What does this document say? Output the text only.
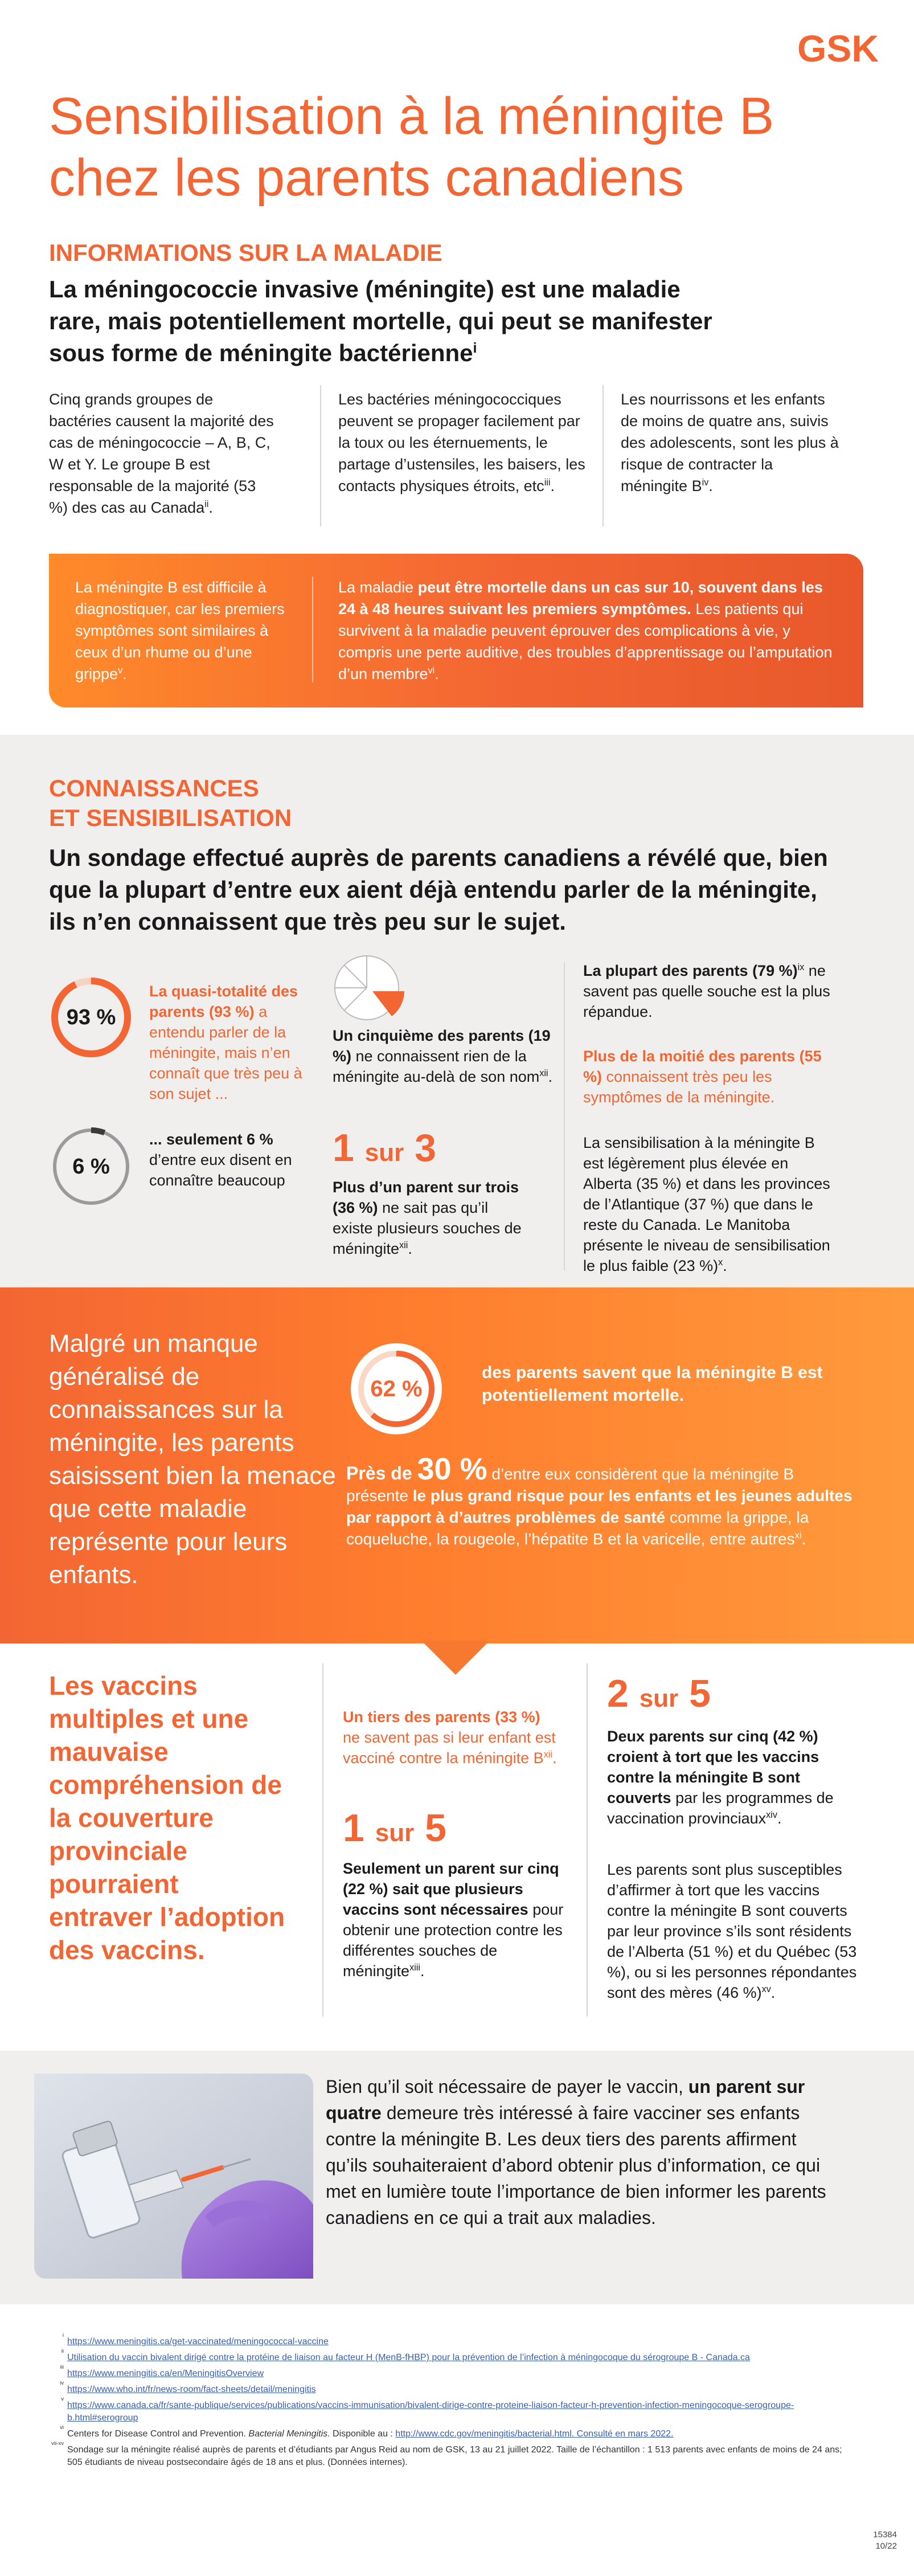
GSK
Sensibilisation à la méningite B
chez les parents canadiens
INFORMATIONS SUR LA MALADIE
La méningococcie invasive (méningite) est une maladie rare, mais potentiellement mortelle, qui peut se manifester sous forme de méningite bactérienne$^i$
Cinq grands groupes de bactéries causent la majorité des cas de méningococcie – A, B, C, W et Y. Le groupe B est responsable de la majorité (53 %) des cas au Canada$^{ii}$.
Les bactéries méningococciques peuvent se propager facilement par la toux ou les éternuements, le partage d’ustensiles, les baisers, les contacts physiques étroits, etc$^{iii}$.
Les nourrissons et les enfants de moins de quatre ans, suivis des adolescents, sont les plus à risque de contracter la méningite $B^{iv}$.
La méningite B est difficile à diagnostiquer, car les premiers symptômes sont similaires à ceux d’un rhume ou d’une grippe$^v$.
La maladie peut être mortelle dans un cas sur 10, souvent dans les 24 à 48 heures suivant les premiers symptômes. Les patients qui survivent à la maladie peuvent éprouver des complications à vie, y compris une perte auditive, des troubles d’apprentissage ou l’amputation d’un membre$^{vi}$.
CONNAISSANCES
ET SENSIBILISATION
Un sondage effectué auprès de parents canadiens a révélé que, bien que la plupart d’entre eux aient déjà entendu parler de la méningite, ils n’en connaissent que très peu sur le sujet.
93 %
La quasi-totalité des parents (93 %) a entendu parler de la méningite, mais n’en connaît que très peu à son sujet ...
6 %
... seulement 6 % d’entre eux disent en connaître beaucoup
Un cinquième des parents (19 %) ne connaissent rien de la méningite au-delà de son nom$^{xii}$.
1 sur 3
Plus d’un parent sur trois (36 %) ne sait pas qu’il existe plusieurs souches de méningite$^{xii}$.
La plupart des parents (79 %)$^{ix}$ ne savent pas quelle souche est la plus répandue.
Plus de la moitié des parents (55 %) connaissent très peu les symptômes de la méningite.
La sensibilisation à la méningite B est légèrement plus élevée en Alberta (35 %) et dans les provinces de l’Atlantique (37 %) que dans le reste du Canada. Le Manitoba présente le niveau de sensibilisation le plus faible (23 %)$^x$.
Malgré un manque généralisé de connaissances sur la méningite, les parents saisissent bien la menace que cette maladie représente pour leurs enfants.
62 %
des parents savent que la méningite B est potentiellement mortelle.
Près de 30 % d’entre eux considèrent que la méningite B présente le plus grand risque pour les enfants et les jeunes adultes par rapport à d’autres problèmes de santé comme la grippe, la coqueluche, la rougeole, l’hépatite B et la varicelle, entre autres$^{xi}$.
Les vaccins multiples et une mauvaise compréhension de la couverture provinciale pourraient entraver l’adoption des vaccins.
Un tiers des parents (33 %) ne savent pas si leur enfant est vacciné contre la méningite $B^{xii}$.
1 sur 5
Seulement un parent sur cinq (22 %) sait que plusieurs vaccins sont nécessaires pour obtenir une protection contre les différentes souches de méningite$^{xiii}$.
2 sur 5
Deux parents sur cinq (42 %) croient à tort que les vaccins contre la méningite B sont couverts par les programmes de vaccination provinciaux$^{xiv}$.
Les parents sont plus susceptibles d’affirmer à tort que les vaccins contre la méningite B sont couverts par leur province s’ils sont résidents de l’Alberta (51 %) et du Québec (53 %), ou si les personnes répondantes sont des mères (46 %)$^{xv}$.
Bien qu’il soit nécessaire de payer le vaccin, un parent sur quatre demeure très intéressé à faire vacciner ses enfants contre la méningite B. Les deux tiers des parents affirment qu’ils souhaiteraient d’abord obtenir plus d’information, ce qui met en lumière toute l’importance de bien informer les parents canadiens en ce qui a trait aux maladies.
i
https://www.meningitis.ca/get-vaccinated/meningococcal-vaccine
ii
Utilisation du vaccin bivalent dirigé contre la protéine de liaison au facteur H (MenB-fHBP) pour la prévention de l’infection à méningocoque du sérogroupe B - Canada.ca
iii
https://www.meningitis.ca/en/MeningitisOverview
iv
https://www.who.int/fr/news-room/fact-sheets/detail/meningitis
v
https://www.canada.ca/fr/sante-publique/services/publications/vaccins-immunisation/bivalent-dirige-contre-proteine-liaison-facteur-h-prevention-infection-meningocoque-serogroupe-b.html#serogroup
vi
Centers for Disease Control and Prevention. Bacterial Meningitis. Disponible au : http://www.cdc.gov/meningitis/bacterial.html. Consulté en mars 2022.
vii-xv
Sondage sur la méningite réalisé auprès de parents et d’étudiants par Angus Reid au nom de GSK, 13 au 21 juillet 2022. Taille de l’échantillon : 1 513 parents avec enfants de moins de 24 ans; 505 étudiants de niveau postsecondaire âgés de 18 ans et plus. (Données internes).
15384
10/22
